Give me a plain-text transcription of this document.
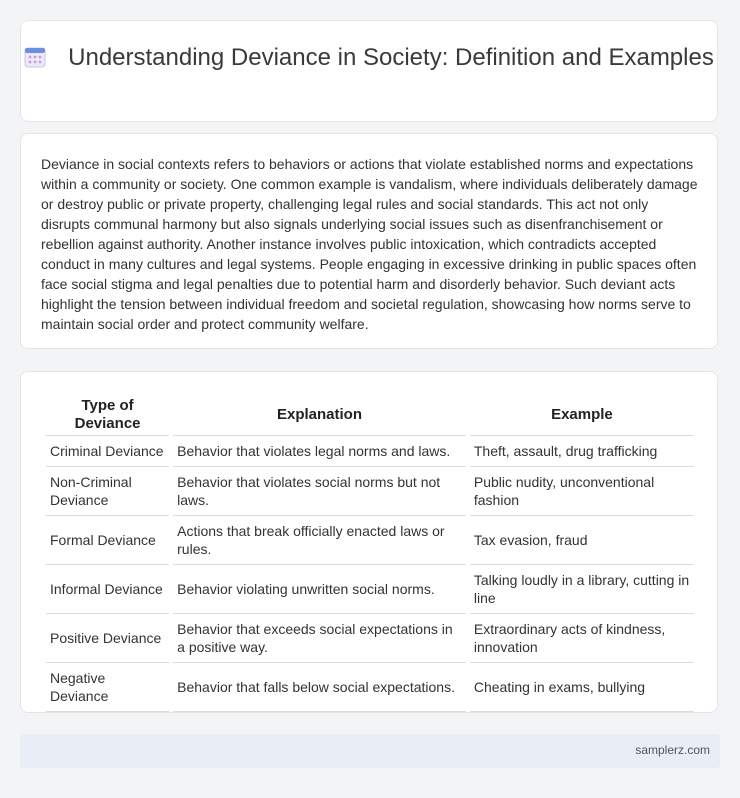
Understanding Deviance in Society: Definition and Examples

Deviance in social contexts refers to behaviors or actions that violate established norms and expectations within a community or society. One common example is vandalism, where individuals deliberately damage or destroy public or private property, challenging legal rules and social standards. This act not only disrupts communal harmony but also signals underlying social issues such as disenfranchisement or rebellion against authority. Another instance involves public intoxication, which contradicts accepted conduct in many cultures and legal systems. People engaging in excessive drinking in public spaces often face social stigma and legal penalties due to potential harm and disorderly behavior. Such deviant acts highlight the tension between individual freedom and societal regulation, showcasing how norms serve to maintain social order and protect community welfare.

Type of Deviance	Explanation	Example
Criminal Deviance	Behavior that violates legal norms and laws.	Theft, assault, drug trafficking
Non-Criminal Deviance	Behavior that violates social norms but not laws.	Public nudity, unconventional fashion
Formal Deviance	Actions that break officially enacted laws or rules.	Tax evasion, fraud
Informal Deviance	Behavior violating unwritten social norms.	Talking loudly in a library, cutting in line
Positive Deviance	Behavior that exceeds social expectations in a positive way.	Extraordinary acts of kindness, innovation
Negative Deviance	Behavior that falls below social expectations.	Cheating in exams, bullying
samplerz.com
